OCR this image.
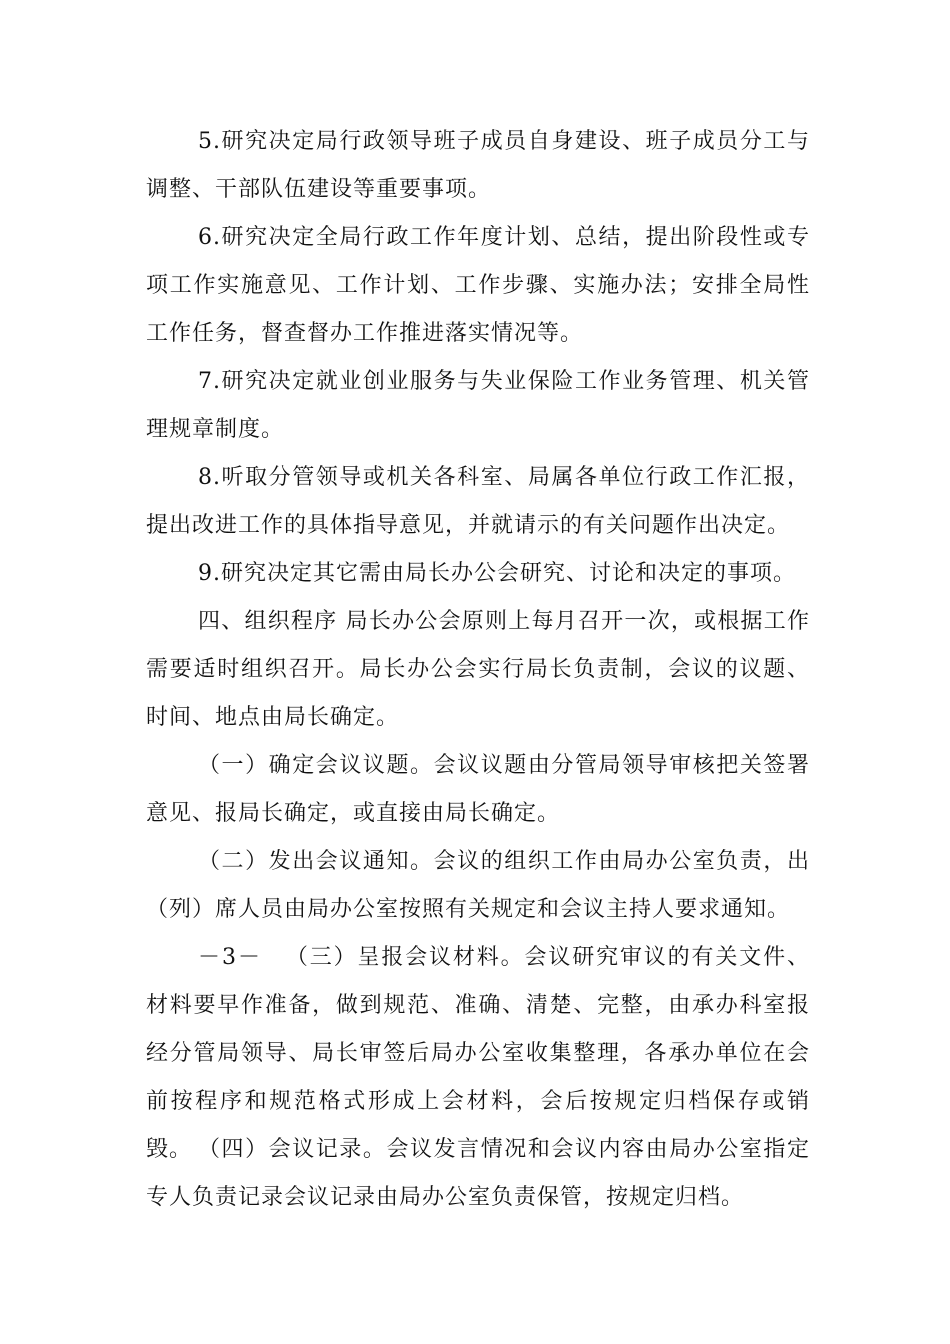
5.研究决定局行政领导班子成员自身建设、班子成员分工与调整、干部队伍建设等重要事项。

6.研究决定全局行政工作年度计划、总结，提出阶段性或专项工作实施意见、工作计划、工作步骤、实施办法；安排全局性工作任务，督查督办工作推进落实情况等。

7.研究决定就业创业服务与失业保险工作业务管理、机关管理规章制度。

8.听取分管领导或机关各科室、局属各单位行政工作汇报，提出改进工作的具体指导意见，并就请示的有关问题作出决定。

9.研究决定其它需由局长办公会研究、讨论和决定的事项。

四、组织程序 局长办公会原则上每月召开一次，或根据工作需要适时组织召开。局长办公会实行局长负责制，会议的议题、时间、地点由局长确定。

（一）确定会议议题。会议议题由分管局领导审核把关签署意见、报局长确定，或直接由局长确定。

（二）发出会议通知。会议的组织工作由局办公室负责，出（列）席人员由局办公室按照有关规定和会议主持人要求通知。

－3－  （三）呈报会议材料。会议研究审议的有关文件、材料要早作准备，做到规范、准确、清楚、完整，由承办科室报经分管局领导、局长审签后局办公室收集整理，各承办单位在会前按程序和规范格式形成上会材料，会后按规定归档保存或销毁。 （四）会议记录。会议发言情况和会议内容由局办公室指定专人负责记录会议记录由局办公室负责保管，按规定归档。
